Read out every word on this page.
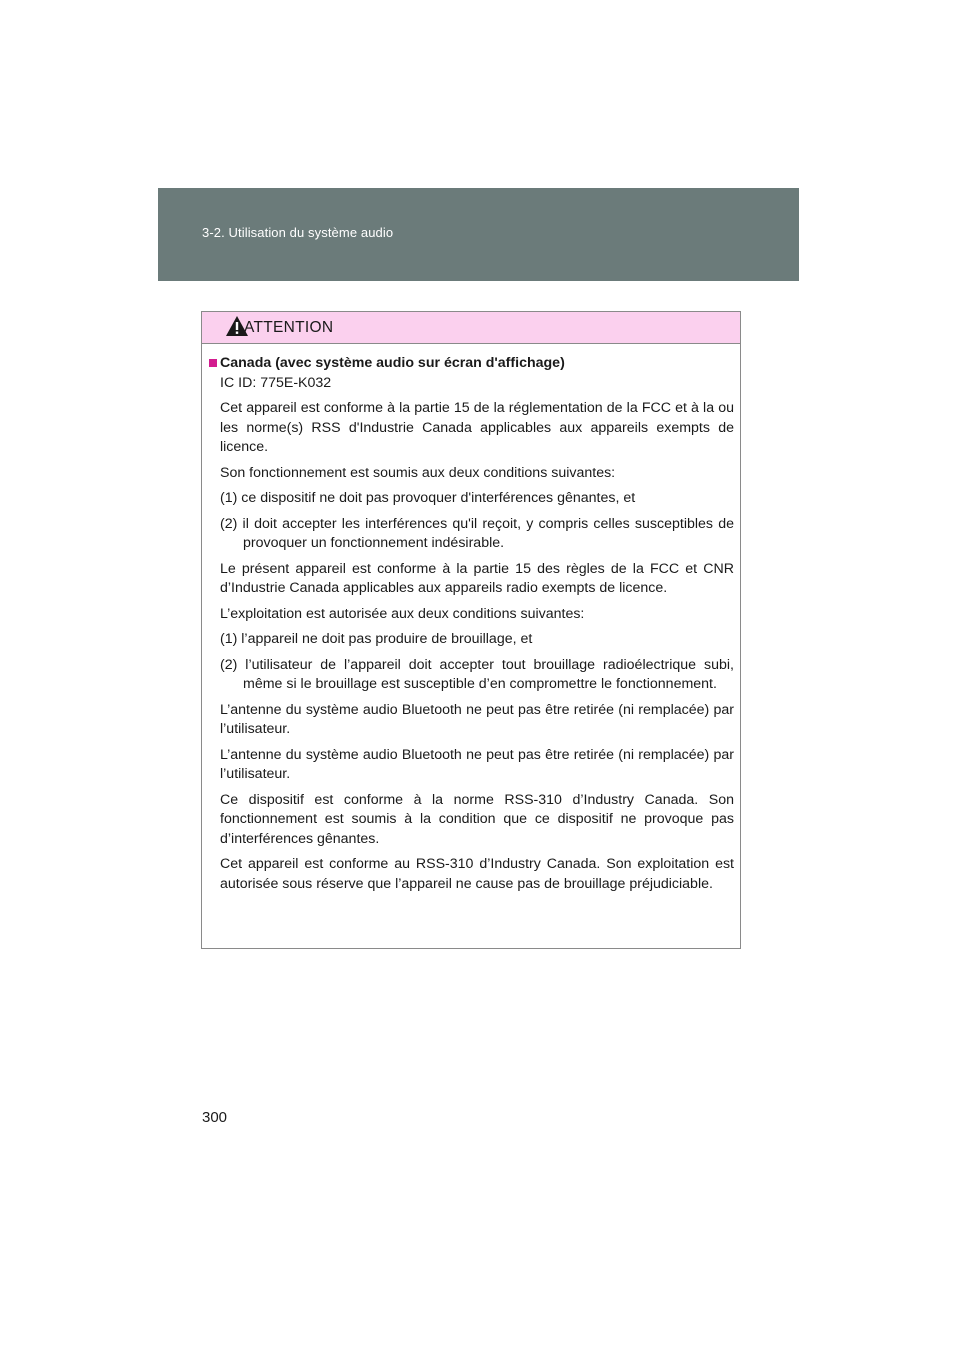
3-2. Utilisation du système audio
ATTENTION

Canada (avec système audio sur écran d'affichage)

IC ID: 775E-K032

Cet appareil est conforme à la partie 15 de la réglementation de la FCC et à la ou les norme(s) RSS d'Industrie Canada applicables aux appareils exempts de licence.

Son fonctionnement est soumis aux deux conditions suivantes:

(1) ce dispositif ne doit pas provoquer d'interférences gênantes, et

(2) il doit accepter les interférences qu'il reçoit, y compris celles susceptibles de provoquer un fonctionnement indésirable.

Le présent appareil est conforme à la partie 15 des règles de la FCC et CNR d’Industrie Canada applicables aux appareils radio exempts de licence.

L’exploitation est autorisée aux deux conditions suivantes:

(1) l’appareil ne doit pas produire de brouillage, et

(2) l’utilisateur de l’appareil doit accepter tout brouillage radioélectrique subi, même si le brouillage est susceptible d’en compromettre le fonctionnement.

L’antenne du système audio Bluetooth ne peut pas être retirée (ni remplacée) par l’utilisateur.

L’antenne du système audio Bluetooth ne peut pas être retirée (ni remplacée) par l’utilisateur.

Ce dispositif est conforme à la norme RSS-310 d’Industry Canada. Son fonctionnement est soumis à la condition que ce dispositif ne provoque pas d’interférences gênantes.

Cet appareil est conforme au RSS-310 d’Industry Canada. Son exploitation est autorisée sous réserve que l’appareil ne cause pas de brouillage préjudiciable.

300
